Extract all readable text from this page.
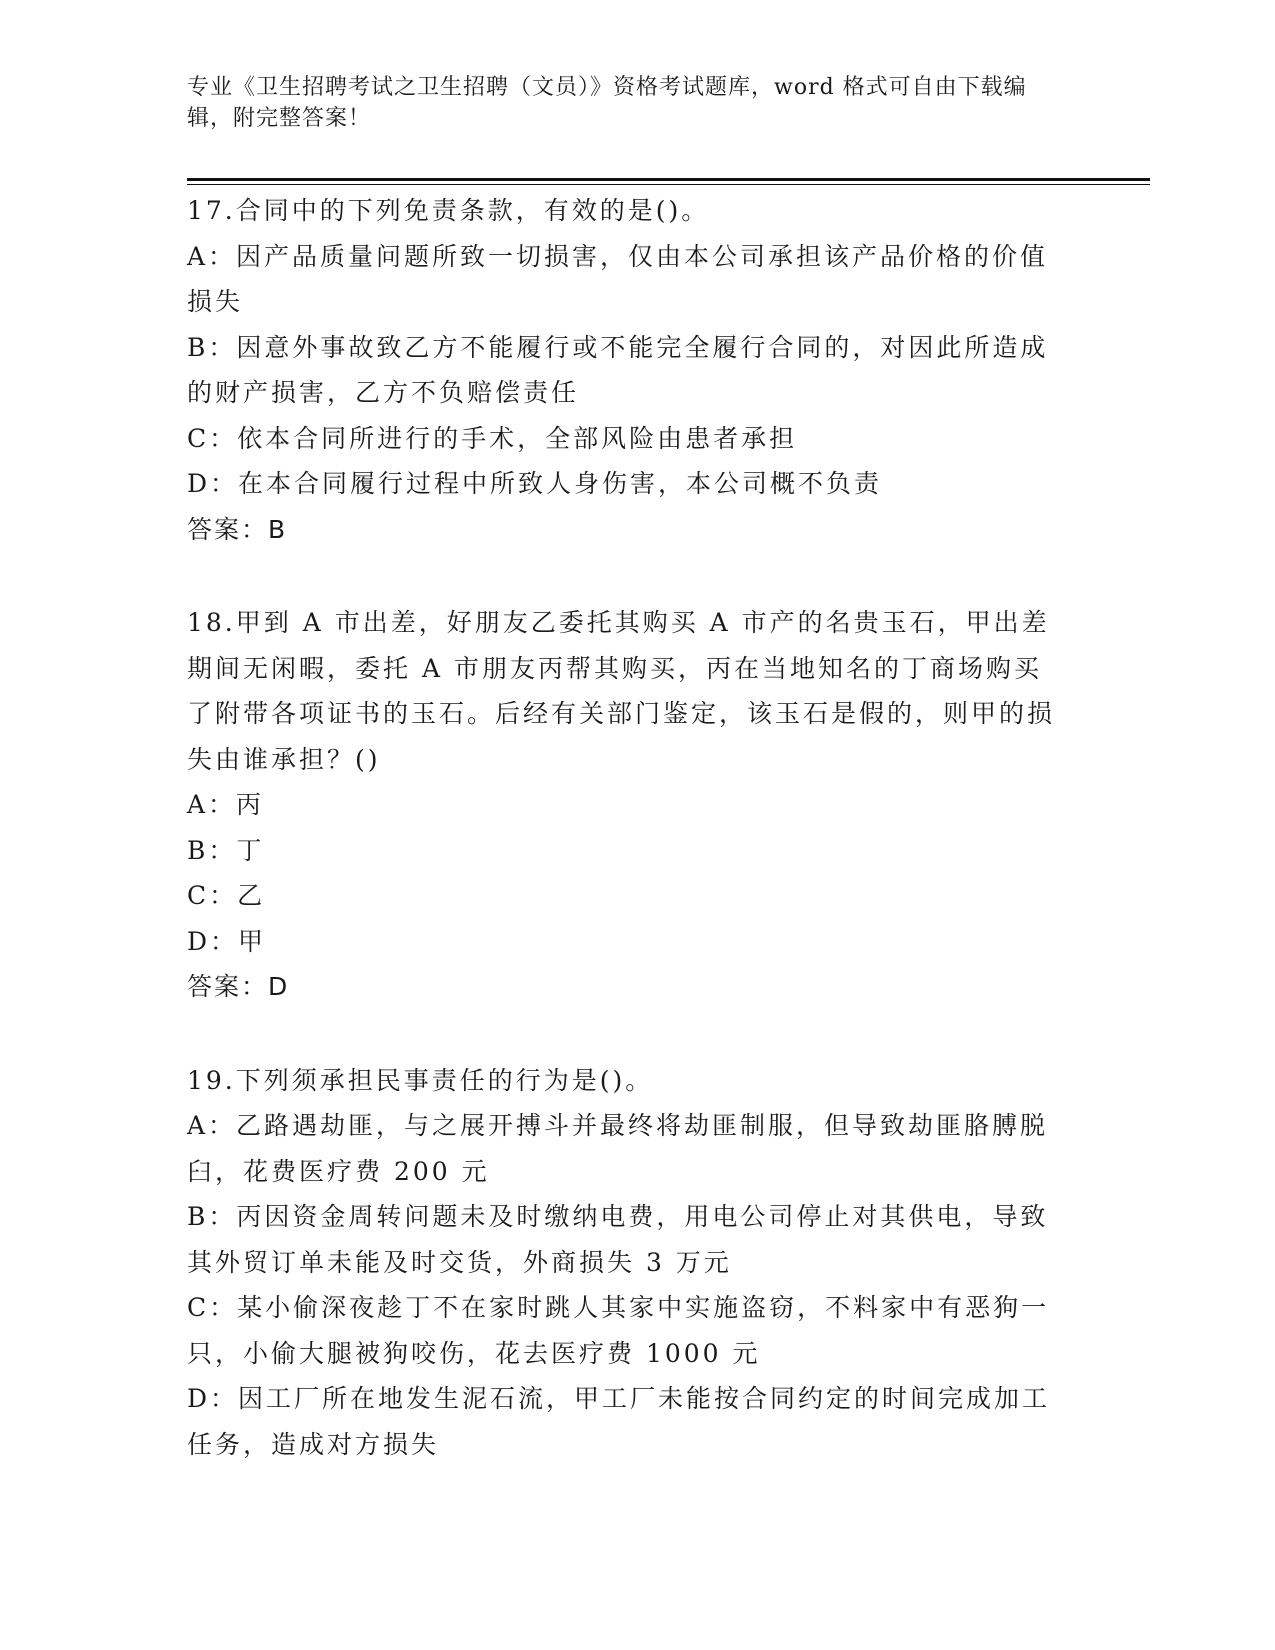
专业《卫生招聘考试之卫生招聘（文员）》资格考试题库，word 格式可自由下载编辑，附完整答案！

17.合同中的下列免责条款，有效的是()。

A：因产品质量问题所致一切损害，仅由本公司承担该产品价格的价值损失

B：因意外事故致乙方不能履行或不能完全履行合同的，对因此所造成的财产损害，乙方不负赔偿责任

C：依本合同所进行的手术，全部风险由患者承担

D：在本合同履行过程中所致人身伤害，本公司概不负责

答案：B

18.甲到 A 市出差，好朋友乙委托其购买 A 市产的名贵玉石，甲出差期间无闲暇，委托 A 市朋友丙帮其购买，丙在当地知名的丁商场购买了附带各项证书的玉石。后经有关部门鉴定，该玉石是假的，则甲的损失由谁承担？()

A：丙

B：丁

C：乙

D：甲

答案：D

19.下列须承担民事责任的行为是()。

A：乙路遇劫匪，与之展开搏斗并最终将劫匪制服，但导致劫匪胳膊脱臼，花费医疗费 200 元

B：丙因资金周转问题未及时缴纳电费，用电公司停止对其供电，导致其外贸订单未能及时交货，外商损失 3 万元

C：某小偷深夜趁丁不在家时跳人其家中实施盗窃，不料家中有恶狗一只，小偷大腿被狗咬伤，花去医疗费 1000 元

D：因工厂所在地发生泥石流，甲工厂未能按合同约定的时间完成加工任务，造成对方损失
